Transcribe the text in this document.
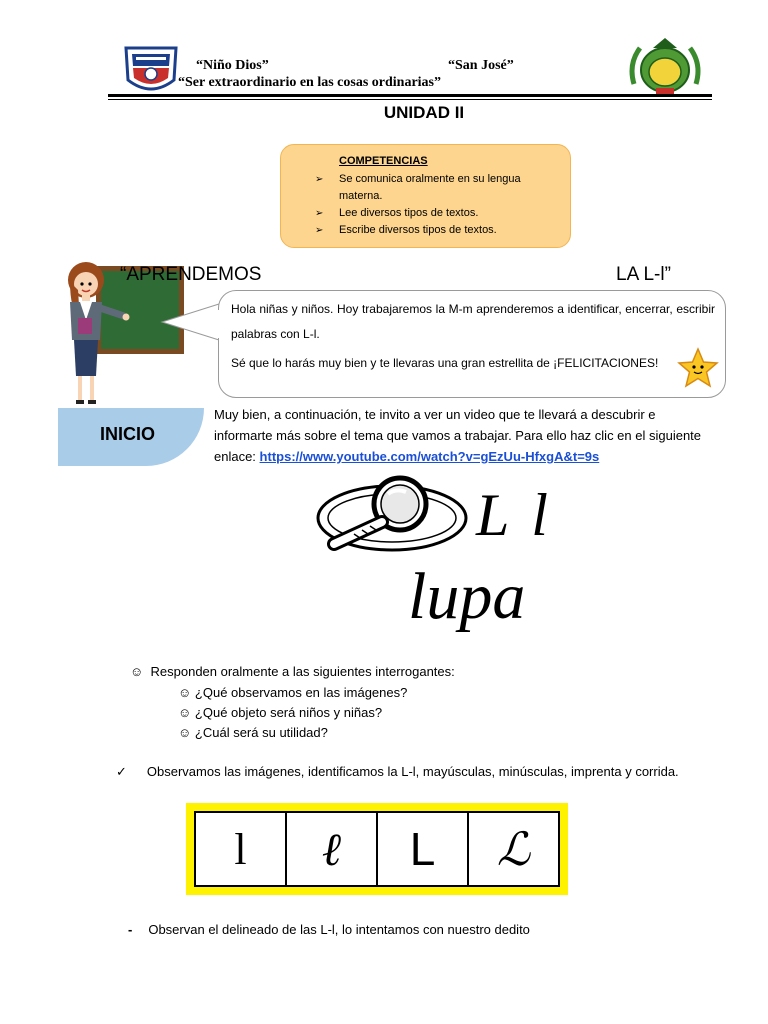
“Niño Dios”	“San José”
“Ser extraordinario en las cosas ordinarias”
UNIDAD II
COMPETENCIAS
➢ Se comunica oralmente en su lengua materna.
➢ Lee diversos tipos de textos.
➢ Escribe diversos tipos de textos.
“APRENDEMOS	LA L-l”

Hola niñas y niños. Hoy trabajaremos la M-m aprenderemos a identificar, encerrar, escribir palabras con L-l.

Sé que lo harás muy bien y te llevaras una gran estrellita de ¡FELICITACIONES!

INICIO
Muy bien, a continuación, te invito a ver un video que te llevará a descubrir e informarte más sobre el tema que vamos a trabajar. Para ello haz clic en el siguiente enlace: https://www.youtube.com/watch?v=gEzUu-HfxgA&t=9s
L l
lupa
☺ Responden oralmente a las siguientes interrogantes:
☺ ¿Qué observamos en las imágenes?
☺ ¿Qué objeto será niños y niñas?
☺ ¿Cuál será su utilidad?
✓ Observamos las imágenes, identificamos la L-l, mayúsculas, minúsculas, imprenta y corrida.
l ℓ L ℒ
- Observan el delineado de las L-l, lo intentamos con nuestro dedito
